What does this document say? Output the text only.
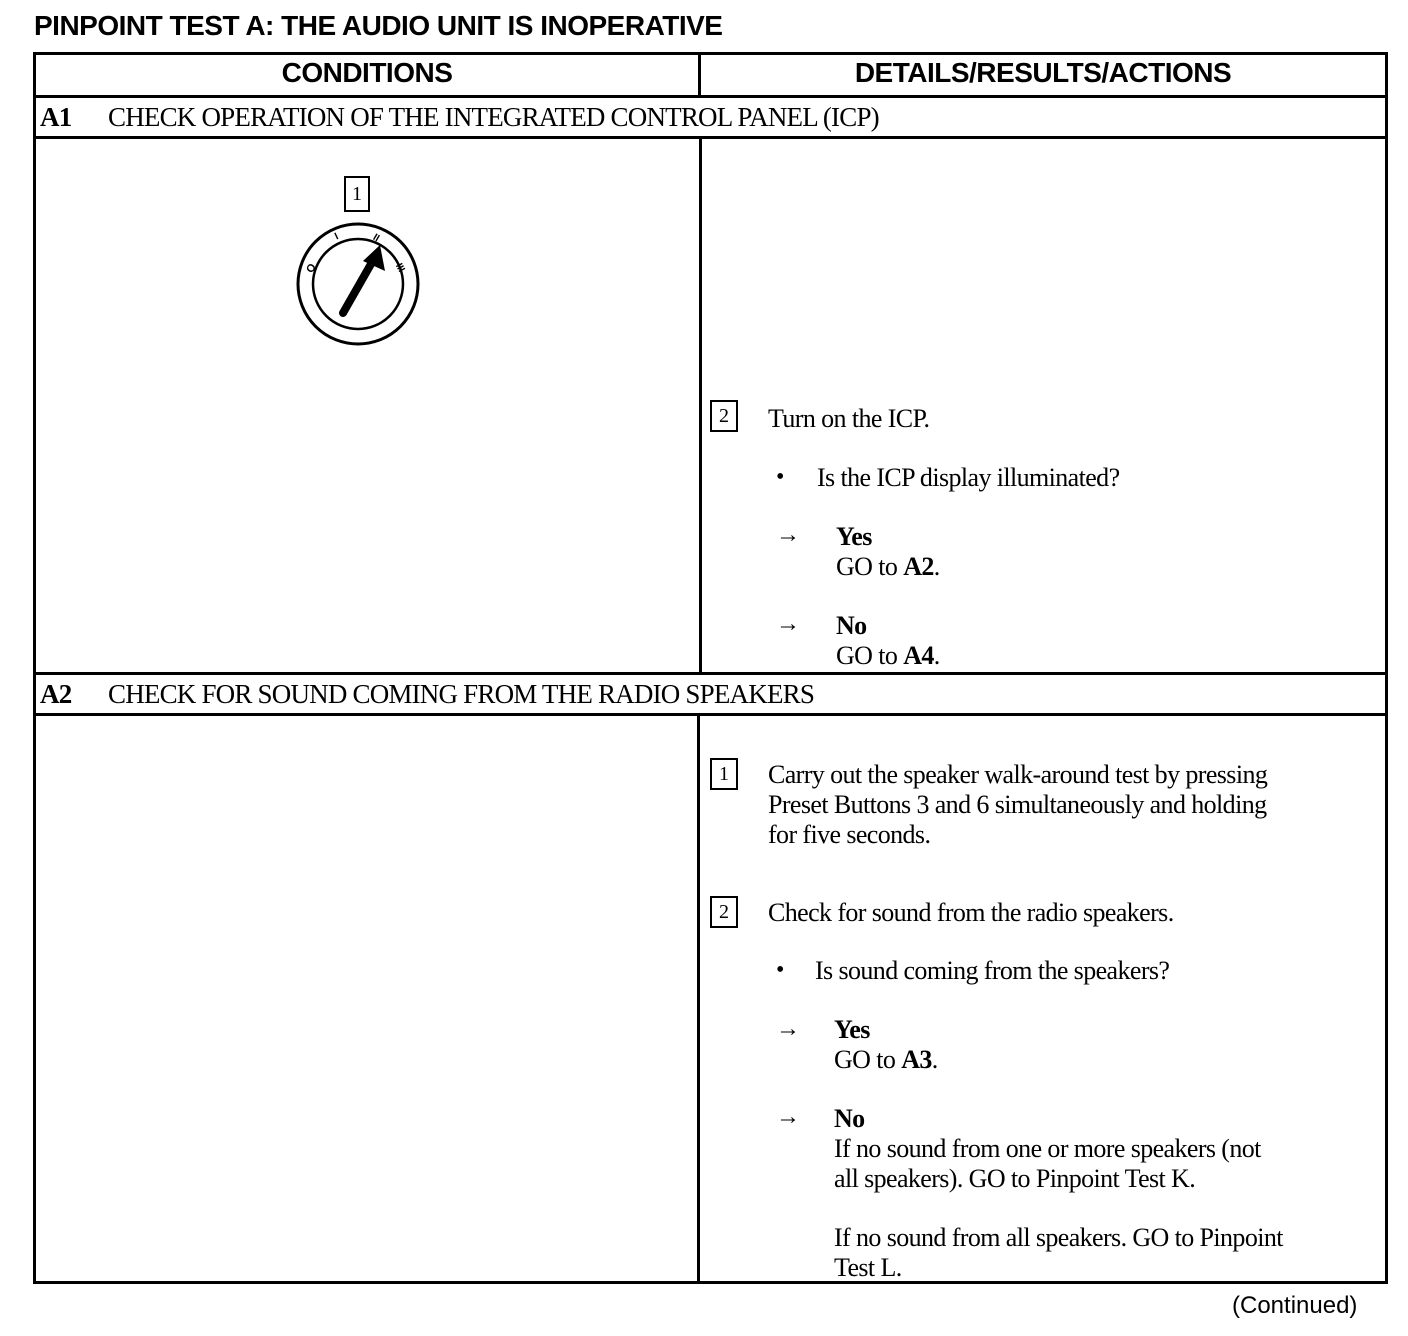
PINPOINT TEST A: THE AUDIO UNIT IS INOPERATIVE
CONDITIONS	DETAILS/RESULTS/ACTIONS
A1 CHECK OPERATION OF THE INTEGRATED CONTROL PANEL (ICP)
1
O
I	II
III
2	Turn on the ICP.
• Is the ICP display illuminated?
→ Yes
GO to A2.
→ No
GO to A4.
A2 CHECK FOR SOUND COMING FROM THE RADIO SPEAKERS
1	Carry out the speaker walk-around test by pressing
Preset Buttons 3 and 6 simultaneously and holding
for five seconds.
2	Check for sound from the radio speakers.
• Is sound coming from the speakers?
→ Yes
GO to A3.
→ No
If no sound from one or more speakers (not
all speakers). GO to Pinpoint Test K.
If no sound from all speakers. GO to Pinpoint
Test L.
(Continued)
